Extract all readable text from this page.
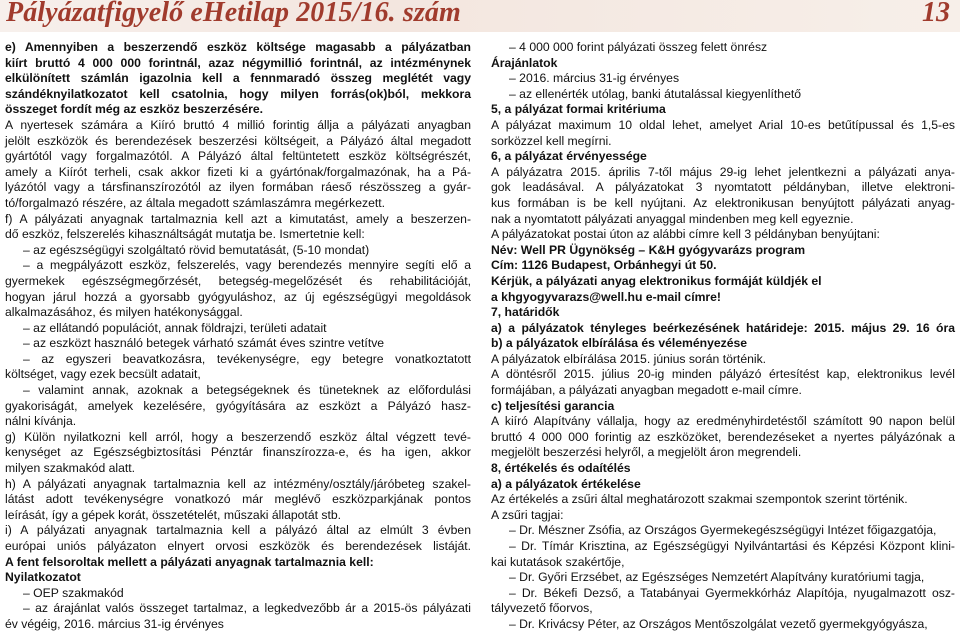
Pályázatfigyelő eHetilap 2015/16. szám	13

e) Amennyiben a beszerzendő eszköz költsége magasabb a pályázatban

kiírt bruttó 4 000 000 forintnál, azaz négymillió forintnál, az intézménynek

elkülönített számlán igazolnia kell a fennmaradó összeg meglétét vagy

szándéknyilatkozatot kell csatolnia, hogy milyen forrás(ok)ból, mekkora

összeget fordít még az eszköz beszerzésére.

A nyertesek számára a Kiíró bruttó 4 millió forintig állja a pályázati anyagban

jelölt eszközök és berendezések beszerzési költségeit, a Pályázó által megadott

gyártótól vagy forgalmazótól. A Pályázó által feltüntetett eszköz költségrészét,

amely a Kiírót terheli, csak akkor fizeti ki a gyártónak/forgalmazónak, ha a Pá-

lyázótól vagy a társfinanszírozótól az ilyen formában ráeső részösszeg a gyár-

tó/forgalmazó részére, az általa megadott számlaszámra megérkezett.

f) A pályázati anyagnak tartalmaznia kell azt a kimutatást, amely a beszerzen-

dő eszköz, felszerelés kihasználtságát mutatja be. Ismertetnie kell:

– az egészségügyi szolgáltató rövid bemutatását, (5-10 mondat)

– a megpályázott eszköz, felszerelés, vagy berendezés mennyire segíti elő a

gyermekek egészségmegőrzését, betegség-megelőzését és rehabilitációját,

hogyan járul hozzá a gyorsabb gyógyuláshoz, az új egészségügyi megoldások

alkalmazásához, és milyen hatékonysággal.

– az ellátandó populációt, annak földrajzi, területi adatait

– az eszközt használó betegek várható számát éves szintre vetítve

– az egyszeri beavatkozásra, tevékenységre, egy betegre vonatkoztatott

költséget, vagy ezek becsült adatait,

– valamint annak, azoknak a betegségeknek és tüneteknek az előfordulási

gyakoriságát, amelyek kezelésére, gyógyítására az eszközt a Pályázó hasz-

nálni kívánja.

g) Külön nyilatkozni kell arról, hogy a beszerzendő eszköz által végzett tevé-

kenységet az Egészségbiztosítási Pénztár finanszírozza-e, és ha igen, akkor

milyen szakmakód alatt.

h) A pályázati anyagnak tartalmaznia kell az intézmény/osztály/járóbeteg szakel-

látást adott tevékenységre vonatkozó már meglévő eszközparkjának pontos

leírását, így a gépek korát, összetételét, műszaki állapotát stb.

i) A pályázati anyagnak tartalmaznia kell a pályázó által az elmúlt 3 évben

európai uniós pályázaton elnyert orvosi eszközök és berendezések listáját.

A fent felsoroltak mellett a pályázati anyagnak tartalmaznia kell:

Nyilatkozatot

– OEP szakmakód

– az árajánlat valós összeget tartalmaz, a legkedvezőbb ár a 2015-ös pályázati

év végéig, 2016. március 31-ig érvényes

– 4 000 000 forint pályázati összeg felett önrész

Árajánlatok

– 2016. március 31-ig érvényes

– az ellenérték utólag, banki átutalással kiegyenlíthető

5, a pályázat formai kritériuma

A pályázat maximum 10 oldal lehet, amelyet Arial 10-es betűtípussal és 1,5-es

sorközzel kell megírni.

6, a pályázat érvényessége

A pályázatra 2015. április 7-től május 29-ig lehet jelentkezni a pályázati anya-

gok leadásával. A pályázatokat 3 nyomtatott példányban, illetve elektroni-

kus formában is be kell nyújtani. Az elektronikusan benyújtott pályázati anyag-

nak a nyomtatott pályázati anyaggal mindenben meg kell egyeznie.

A pályázatokat postai úton az alábbi címre kell 3 példányban benyújtani:

Név: Well PR Ügynökség – K&H gyógyvarázs program

Cím: 1126 Budapest, Orbánhegyi út 50.

Kérjük, a pályázati anyag elektronikus formáját küldjék el

a khgyogyvarazs@well.hu e-mail címre!

7, határidők

a) a pályázatok tényleges beérkezésének határideje: 2015. május 29. 16 óra

b) a pályázatok elbírálása és véleményezése

A pályázatok elbírálása 2015. június során történik.

A döntésről 2015. július 20-ig minden pályázó értesítést kap, elektronikus levél

formájában, a pályázati anyagban megadott e-mail címre.

c) teljesítési garancia

A kiíró Alapítvány vállalja, hogy az eredményhirdetéstől számított 90 napon belül

bruttó 4 000 000 forintig az eszközöket, berendezéseket a nyertes pályázónak a

megjelölt beszerzési helyről, a megjelölt áron megrendeli.

8, értékelés és odaítélés

a) a pályázatok értékelése

Az értékelés a zsűri által meghatározott szakmai szempontok szerint történik.

A zsűri tagjai:

– Dr. Mészner Zsófia, az Országos Gyermekegészségügyi Intézet főigazgatója,

– Dr. Tímár Krisztina, az Egészségügyi Nyilvántartási és Képzési Központ klini-

kai kutatások szakértője,

– Dr. Győri Erzsébet, az Egészséges Nemzetért Alapítvány kuratóriumi tagja,

– Dr. Békefi Dezső, a Tatabányai Gyermekkórház Alapítója, nyugalmazott osz-

tályvezető főorvos,

– Dr. Krivácsy Péter, az Országos Mentőszolgálat vezető gyermekgyógyásza,
